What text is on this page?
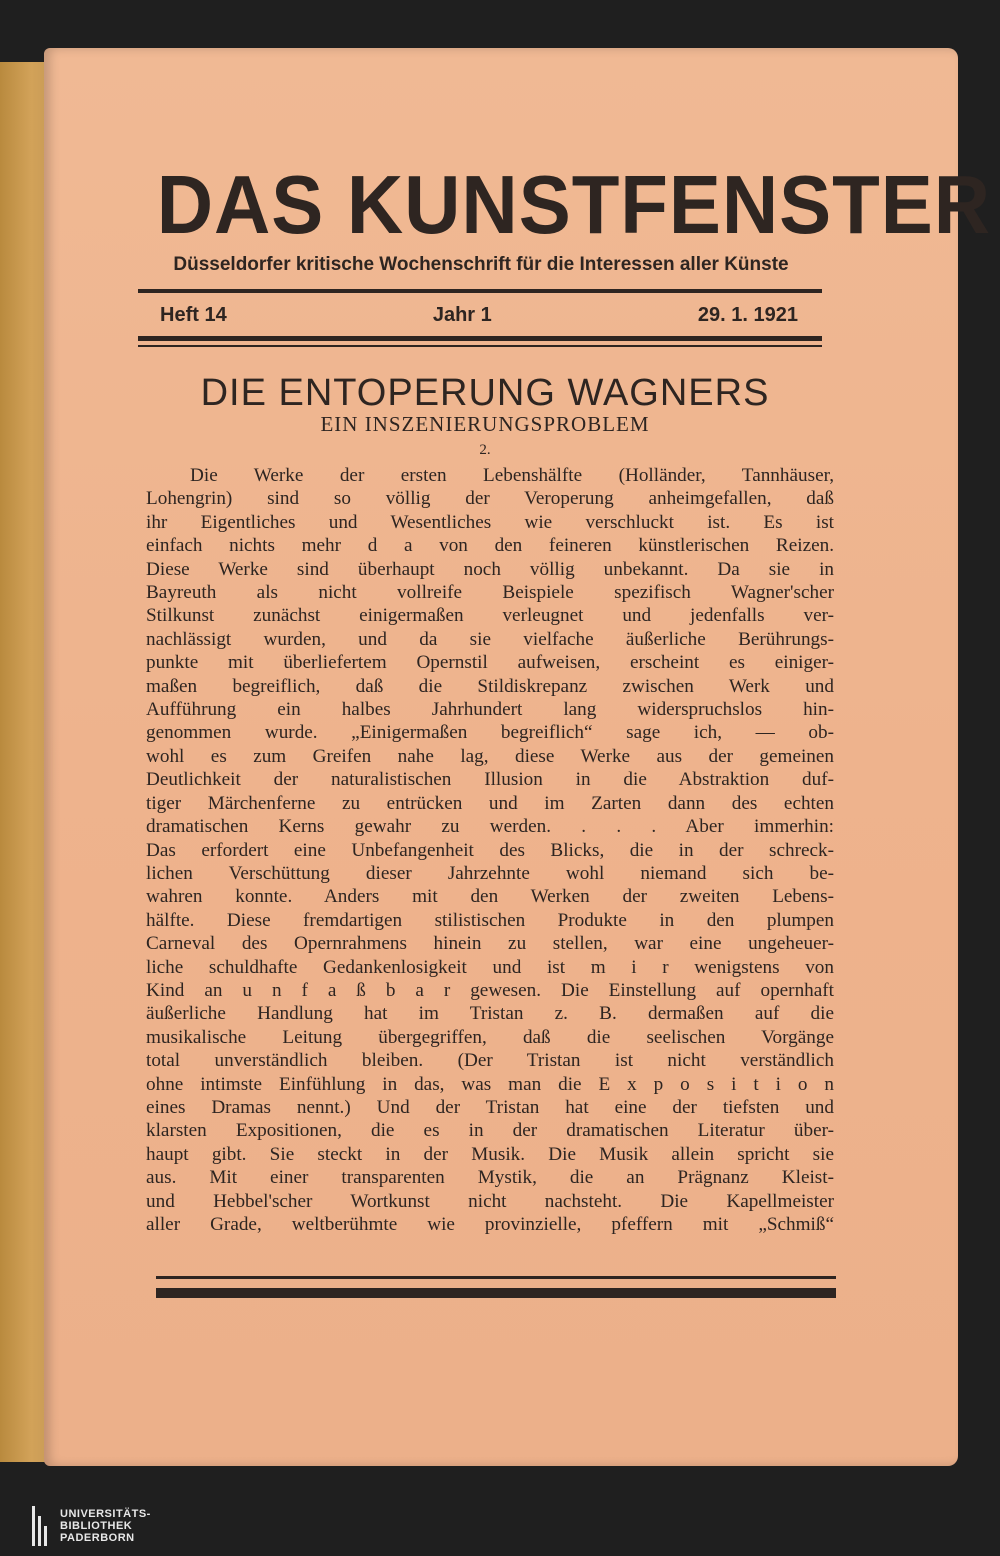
DAS KUNSTFENSTER
Düsseldorfer kritische Wochenschrift für die Interessen aller Künste
Heft 14	Jahr 1	29. 1. 1921
DIE ENTOPERUNG WAGNERS
EIN INSZENIERUNGSPROBLEM
2.
Die Werke der ersten Lebenshälfte (Holländer, Tannhäuser,
Lohengrin) sind so völlig der Veroperung anheimgefallen, daß
ihr Eigentliches und Wesentliches wie verschluckt ist. Es ist
einfach nichts mehr d a von den feineren künstlerischen Reizen.
Diese Werke sind überhaupt noch völlig unbekannt. Da sie in
Bayreuth als nicht vollreife Beispiele spezifisch Wagner'scher
Stilkunst zunächst einigermaßen verleugnet und jedenfalls ver-
nachlässigt wurden, und da sie vielfache äußerliche Berührungs-
punkte mit überliefertem Opernstil aufweisen, erscheint es einiger-
maßen begreiflich, daß die Stildiskrepanz zwischen Werk und
Aufführung ein halbes Jahrhundert lang widerspruchslos hin-
genommen wurde. „Einigermaßen begreiflich“ sage ich, — ob-
wohl es zum Greifen nahe lag, diese Werke aus der gemeinen
Deutlichkeit der naturalistischen Illusion in die Abstraktion duf-
tiger Märchenferne zu entrücken und im Zarten dann des echten
dramatischen Kerns gewahr zu werden. . . . Aber immerhin:
Das erfordert eine Unbefangenheit des Blicks, die in der schreck-
lichen Verschüttung dieser Jahrzehnte wohl niemand sich be-
wahren konnte. Anders mit den Werken der zweiten Lebens-
hälfte. Diese fremdartigen stilistischen Produkte in den plumpen
Carneval des Opernrahmens hinein zu stellen, war eine ungeheuer-
liche schuldhafte Gedankenlosigkeit und ist m i r wenigstens von
Kind an u n f a ß b a r gewesen. Die Einstellung auf opernhaft
äußerliche Handlung hat im Tristan z. B. dermaßen auf die
musikalische Leitung übergegriffen, daß die seelischen Vorgänge
total unverständlich bleiben. (Der Tristan ist nicht verständlich
ohne intimste Einfühlung in das, was man die E x p o s i t i o n
eines Dramas nennt.) Und der Tristan hat eine der tiefsten und
klarsten Expositionen, die es in der dramatischen Literatur über-
haupt gibt. Sie steckt in der Musik. Die Musik allein spricht sie
aus. Mit einer transparenten Mystik, die an Prägnanz Kleist-
und Hebbel'scher Wortkunst nicht nachsteht. Die Kapellmeister
aller Grade, weltberühmte wie provinzielle, pfeffern mit „Schmiß“
UNIVERSITÄTS-
BIBLIOTHEK
PADERBORN
